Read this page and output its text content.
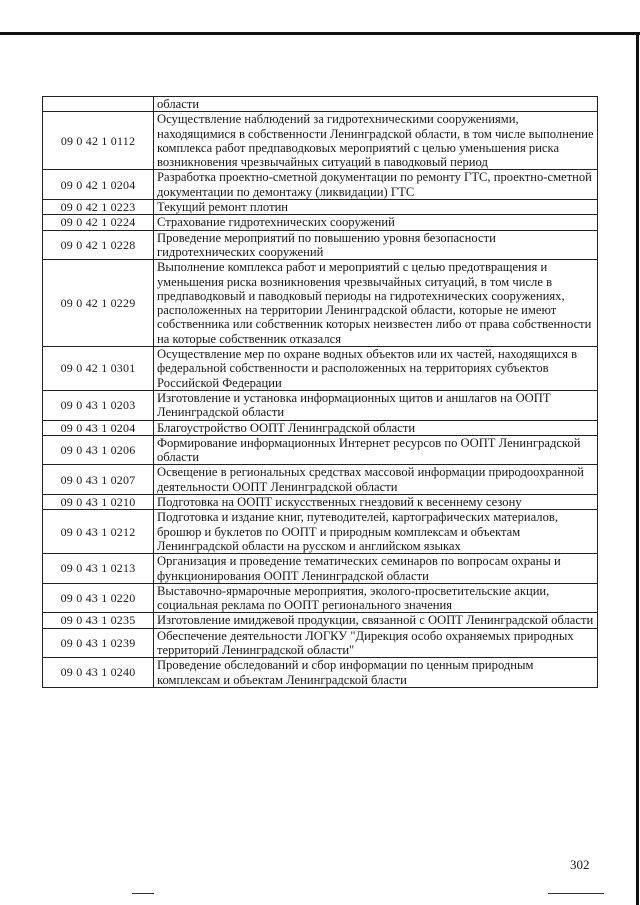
	области
09 0 42 1 0112	Осуществление наблюдений за гидротехническими сооружениями, находящимися в собственности Ленинградской области, в том числе выполнение комплекса работ предпаводковых мероприятий с целью уменьшения риска возникновения чрезвычайных ситуаций в паводковый период
09 0 42 1 0204	Разработка проектно-сметной документации по ремонту ГТС, проектно-сметной документации по демонтажу (ликвидации) ГТС
09 0 42 1 0223	Текущий ремонт плотин
09 0 42 1 0224	Страхование гидротехнических сооружений
09 0 42 1 0228	Проведение мероприятий по повышению уровня безопасности гидротехнических сооружений
09 0 42 1 0229	Выполнение комплекса работ и мероприятий с целью предотвращения и уменьшения риска возникновения чрезвычайных ситуаций, в том числе в предпаводковый и паводковый периоды на гидротехнических сооружениях, расположенных на территории Ленинградской области, которые не имеют собственника или собственник которых неизвестен либо от права собственности на которые собственник отказался
09 0 42 1 0301	Осуществление мер по охране водных объектов или их частей, находящихся в федеральной собственности и расположенных на территориях субъектов Российской Федерации
09 0 43 1 0203	Изготовление и установка информационных щитов и аншлагов на ООПТ Ленинградской области
09 0 43 1 0204	Благоустройство ООПТ Ленинградской области
09 0 43 1 0206	Формирование информационных Интернет ресурсов по ООПТ Ленинградской области
09 0 43 1 0207	Освещение в региональных средствах массовой информации природоохранной деятельности ООПТ Ленинградской области
09 0 43 1 0210	Подготовка на ООПТ искусственных гнездовий к весеннему сезону
09 0 43 1 0212	Подготовка и издание книг, путеводителей, картографических материалов, брошюр и буклетов по ООПТ и природным комплексам и объектам Ленинградской области на русском и английском языках
09 0 43 1 0213	Организация и проведение тематических семинаров по вопросам охраны и функционирования ООПТ Ленинградской области
09 0 43 1 0220	Выставочно-ярмарочные мероприятия, эколого-просветительские акции, социальная реклама по ООПТ регионального значения
09 0 43 1 0235	Изготовление имиджевой продукции, связанной с ООПТ Ленинградской области
09 0 43 1 0239	Обеспечение деятельности ЛОГКУ "Дирекция особо охраняемых природных территорий Ленинградской области"
09 0 43 1 0240	Проведение обследований и сбор информации по ценным природным комплексам и объектам Ленинградской бласти
302
